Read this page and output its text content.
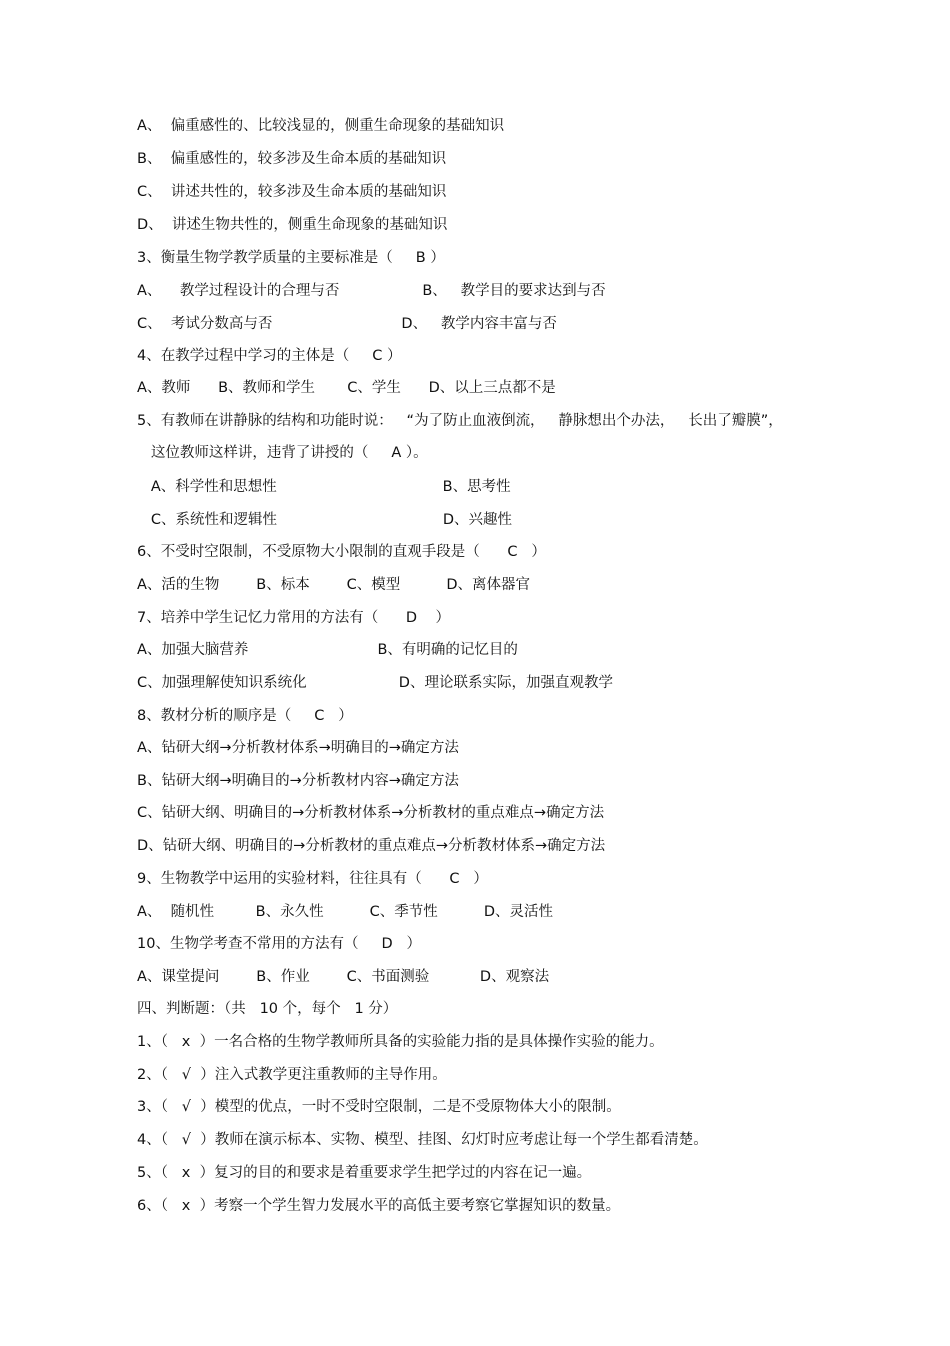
A、  偏重感性的、比较浅显的，侧重生命现象的基础知识
B、  偏重感性的，较多涉及生命本质的基础知识
C、  讲述共性的，较多涉及生命本质的基础知识
D、  讲述生物共性的，侧重生命现象的基础知识
3、衡量生物学教学质量的主要标准是（     B ）
A、    教学过程设计的合理与否                  B、   教学目的要求达到与否
C、  考试分数高与否                            D、   教学内容丰富与否
4、在教学过程中学习的主体是（     C ）
A、教师      B、教师和学生       C、学生      D、以上三点都不是
5、有教师在讲静脉的结构和功能时说：   “为了防止血液倒流，   静脉想出个办法，   长出了瓣膜”，
这位教师这样讲，违背了讲授的（     A ）。
A、科学性和思想性                                    B、思考性
C、系统性和逻辑性                                    D、兴趣性
6、不受时空限制，不受原物大小限制的直观手段是（      C   ）
A、活的生物        B、标本        C、模型          D、离体器官
7、培养中学生记忆力常用的方法有（      D    ）
A、加强大脑营养                            B、有明确的记忆目的
C、加强理解使知识系统化                    D、理论联系实际，加强直观教学
8、教材分析的顺序是（     C   ）
A、钻研大纲→分析教材体系→明确目的→确定方法
B、钻研大纲→明确目的→分析教材内容→确定方法
C、钻研大纲、明确目的→分析教材体系→分析教材的重点难点→确定方法
D、钻研大纲、明确目的→分析教材的重点难点→分析教材体系→确定方法
9、生物教学中运用的实验材料，往往具有（      C   ）
A、  随机性         B、永久性          C、季节性          D、灵活性
10、生物学考查不常用的方法有（     D   ）
A、课堂提问        B、作业        C、书面测验           D、观察法
四、判断题：（共   10 个，每个   1 分）
1、（   x  ）一名合格的生物学教师所具备的实验能力指的是具体操作实验的能力。
2、（   √  ）注入式教学更注重教师的主导作用。
3、（   √  ）模型的优点，一时不受时空限制，二是不受原物体大小的限制。
4、（   √  ）教师在演示标本、实物、模型、挂图、幻灯时应考虑让每一个学生都看清楚。
5、（   x  ）复习的目的和要求是着重要求学生把学过的内容在记一遍。
6、（   x  ）考察一个学生智力发展水平的高低主要考察它掌握知识的数量。
